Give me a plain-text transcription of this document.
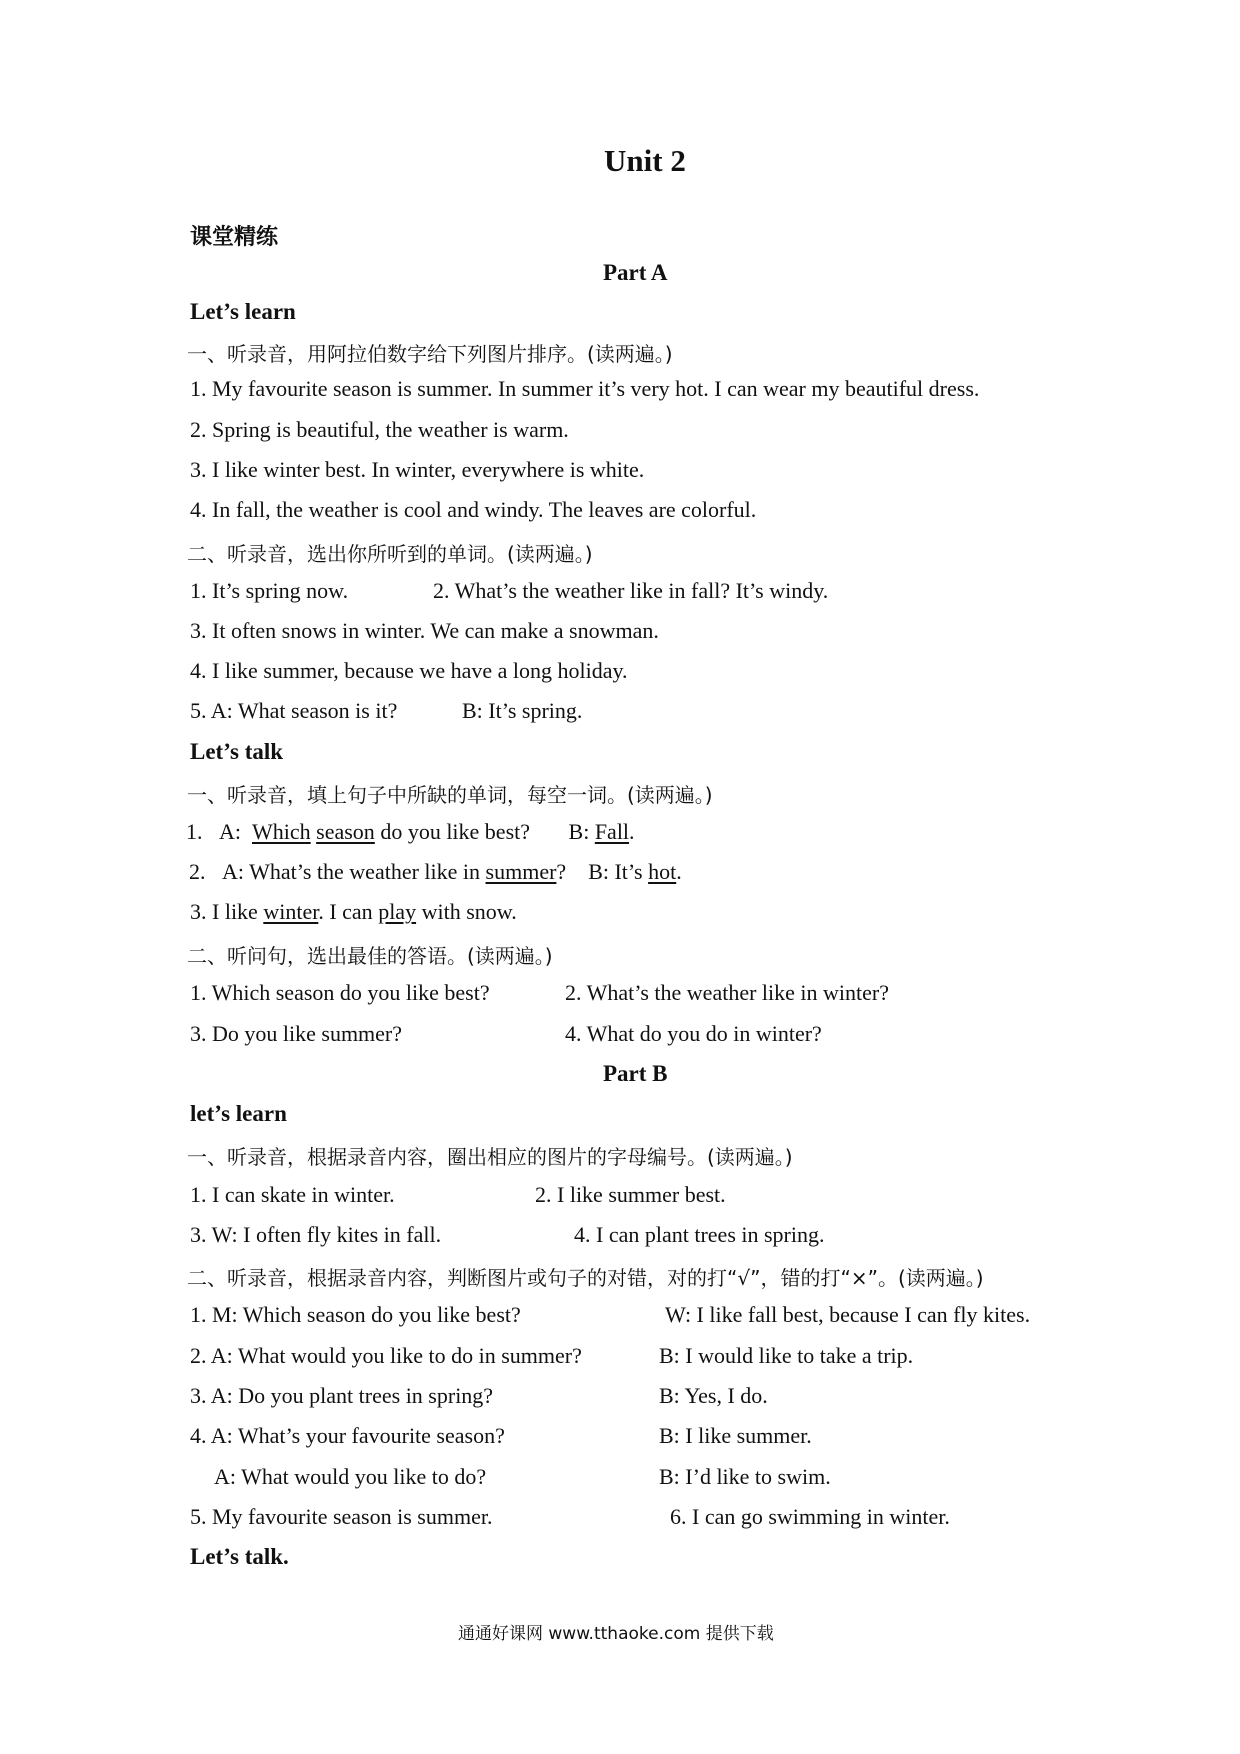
Unit 2
课堂精练
Part A
Let’s learn
一、听录音，用阿拉伯数字给下列图片排序。(读两遍。)
1. My favourite season is summer. In summer it’s very hot. I can wear my beautiful dress.
2. Spring is beautiful, the weather is warm.
3. I like winter best. In winter, everywhere is white.
4. In fall, the weather is cool and windy. The leaves are colorful.
二、听录音，选出你所听到的单词。(读两遍。)
1. It’s spring now.	2. What’s the weather like in fall? It’s windy.
3. It often snows in winter. We can make a snowman.
4. I like summer, because we have a long holiday.
5. A: What season is it?	B: It’s spring.
Let’s talk
一、听录音，填上句子中所缺的单词，每空一词。(读两遍。)
1. A: Which season do you like best? B: Fall.
2. A: What’s the weather like in summer? B: It’s hot.
3. I like winter. I can play with snow.
二、听问句，选出最佳的答语。(读两遍。)
1. Which season do you like best?	2. What’s the weather like in winter?
3. Do you like summer?	4. What do you do in winter?
Part B
let’s learn
一、听录音，根据录音内容，圈出相应的图片的字母编号。(读两遍。)
1. I can skate in winter.	2. I like summer best.
3. W: I often fly kites in fall.	4. I can plant trees in spring.
二、听录音，根据录音内容，判断图片或句子的对错，对的打“√”，错的打“×”。(读两遍。)
1. M: Which season do you like best?	W: I like fall best, because I can fly kites.
2. A: What would you like to do in summer?	B: I would like to take a trip.
3. A: Do you plant trees in spring?	B: Yes, I do.
4. A: What’s your favourite season?	B: I like summer.
A: What would you like to do?	B: I’d like to swim.
5. My favourite season is summer.	6. I can go swimming in winter.
Let’s talk.
通通好课网 www.tthaoke.com 提供下载
